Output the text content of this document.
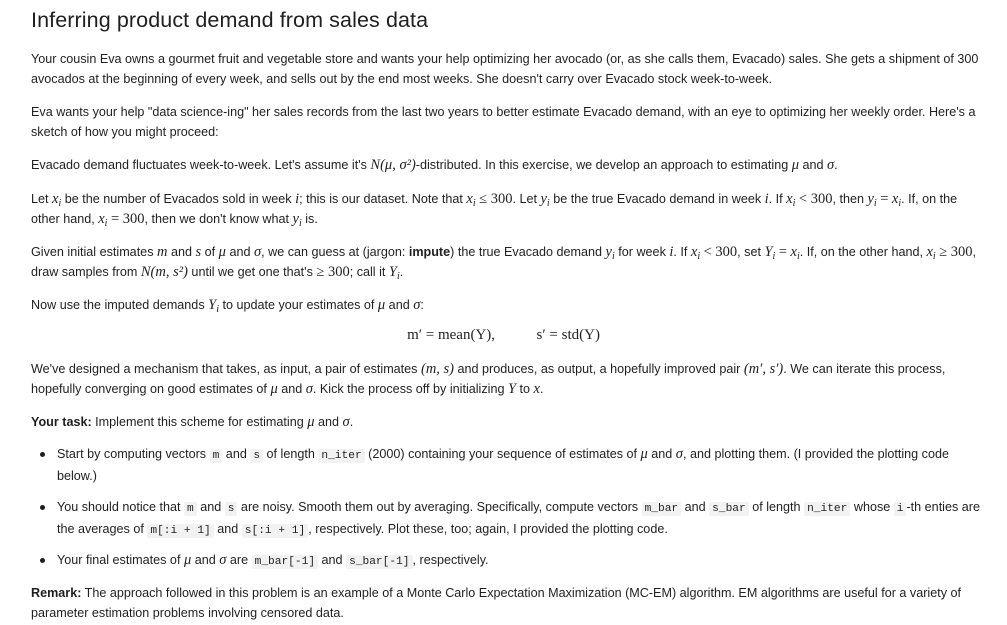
Inferring product demand from sales data

Your cousin Eva owns a gourmet fruit and vegetable store and wants your help optimizing her avocado (or, as she calls them, Evacado) sales. She gets a shipment of 300 avocados at the beginning of every week, and sells out by the end most weeks. She doesn't carry over Evacado stock week-to-week.

Eva wants your help "data science-ing" her sales records from the last two years to better estimate Evacado demand, with an eye to optimizing her weekly order. Here's a sketch of how you might proceed:

Evacado demand fluctuates week-to-week. Let's assume it's N(μ, σ²)-distributed. In this exercise, we develop an approach to estimating μ and σ.

Let $x_i$ be the number of Evacados sold in week i; this is our dataset. Note that $x_i \le 300$. Let $y_i$ be the true Evacado demand in week i. If $x_i < 300$, then $y_i = x_i$. If, on the other hand, $x_i = 300$, then we don't know what $y_i$ is.

Given initial estimates m and s of μ and σ, we can guess at (jargon: impute) the true Evacado demand $y_i$ for week i. If $x_i < 300$, set $Y_i = x_i$. If, on the other hand, $x_i \ge 300$, draw samples from N(m, s²) until we get one that's ≥ 300; call it $Y_i$.

Now use the imputed demands $Y_i$ to update your estimates of μ and σ:

m′ = mean(Y),	s′ = std(Y)

We've designed a mechanism that takes, as input, a pair of estimates (m, s) and produces, as output, a hopefully improved pair (m′, s′). We can iterate this process, hopefully converging on good estimates of μ and σ. Kick the process off by initializing Y to x.

Your task: Implement this scheme for estimating μ and σ.

Start by computing vectors m and s of length n_iter (2000) containing your sequence of estimates of μ and σ, and plotting them. (I provided the plotting code below.)
You should notice that m and s are noisy. Smooth them out by averaging. Specifically, compute vectors m_bar and s_bar of length n_iter whose i -th enties are the averages of m[:i + 1] and s[:i + 1] , respectively. Plot these, too; again, I provided the plotting code.
Your final estimates of μ and σ are m_bar[-1] and s_bar[-1] , respectively.

Remark: The approach followed in this problem is an example of a Monte Carlo Expectation Maximization (MC-EM) algorithm. EM algorithms are useful for a variety of parameter estimation problems involving censored data.
